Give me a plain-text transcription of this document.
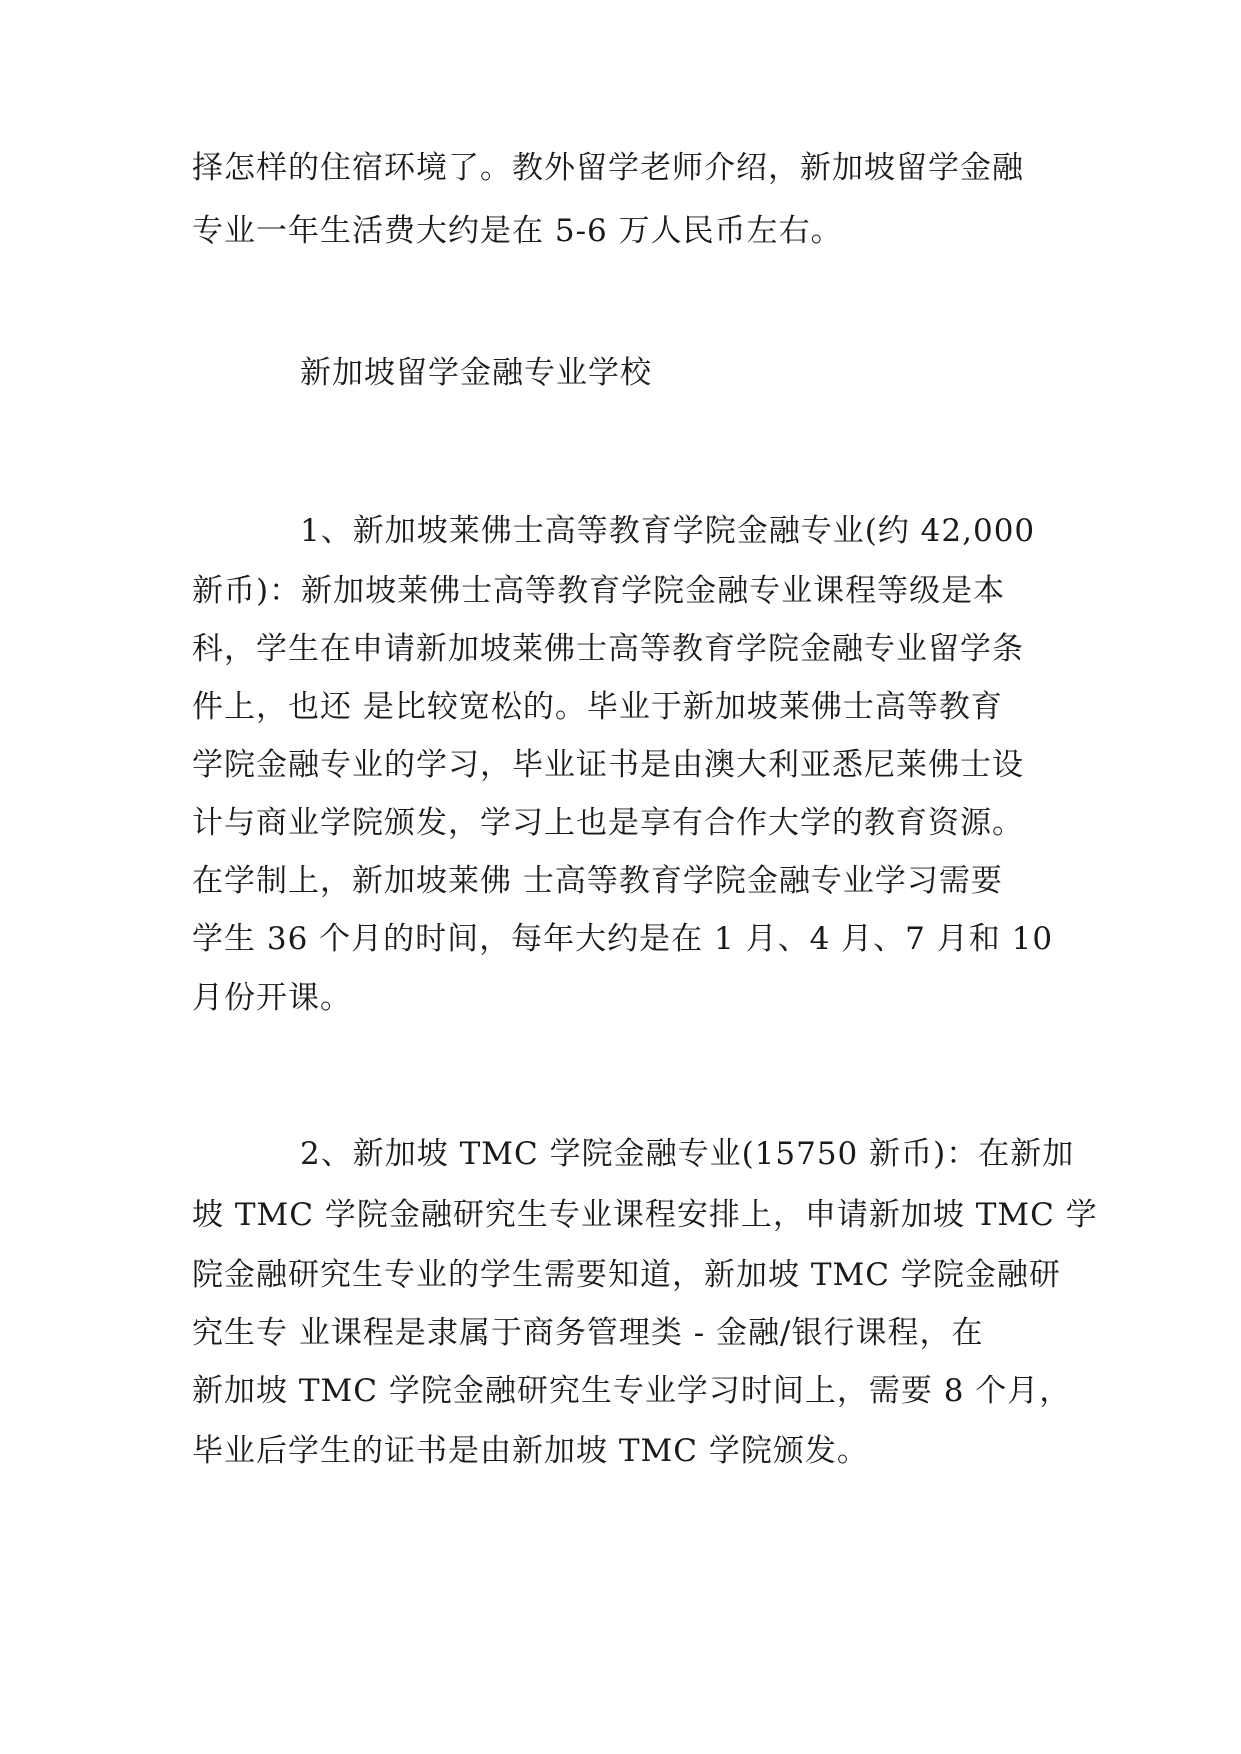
择怎样的住宿环境了。教外留学老师介绍，新加坡留学金融
专业一年生活费大约是在 5-6 万人民币左右。
新加坡留学金融专业学校
1、新加坡莱佛士高等教育学院金融专业(约 42,000
新币)：新加坡莱佛士高等教育学院金融专业课程等级是本
科，学生在申请新加坡莱佛士高等教育学院金融专业留学条
件上，也还 是比较宽松的。毕业于新加坡莱佛士高等教育
学院金融专业的学习，毕业证书是由澳大利亚悉尼莱佛士设
计与商业学院颁发，学习上也是享有合作大学的教育资源。
在学制上，新加坡莱佛 士高等教育学院金融专业学习需要
学生 36 个月的时间，每年大约是在 1 月、4 月、7 月和 10
月份开课。
2、新加坡 TMC 学院金融专业(15750 新币)：在新加
坡 TMC 学院金融研究生专业课程安排上，申请新加坡 TMC 学
院金融研究生专业的学生需要知道，新加坡 TMC 学院金融研
究生专 业课程是隶属于商务管理类 - 金融/银行课程，在
新加坡 TMC 学院金融研究生专业学习时间上，需要 8 个月，
毕业后学生的证书是由新加坡 TMC 学院颁发。
